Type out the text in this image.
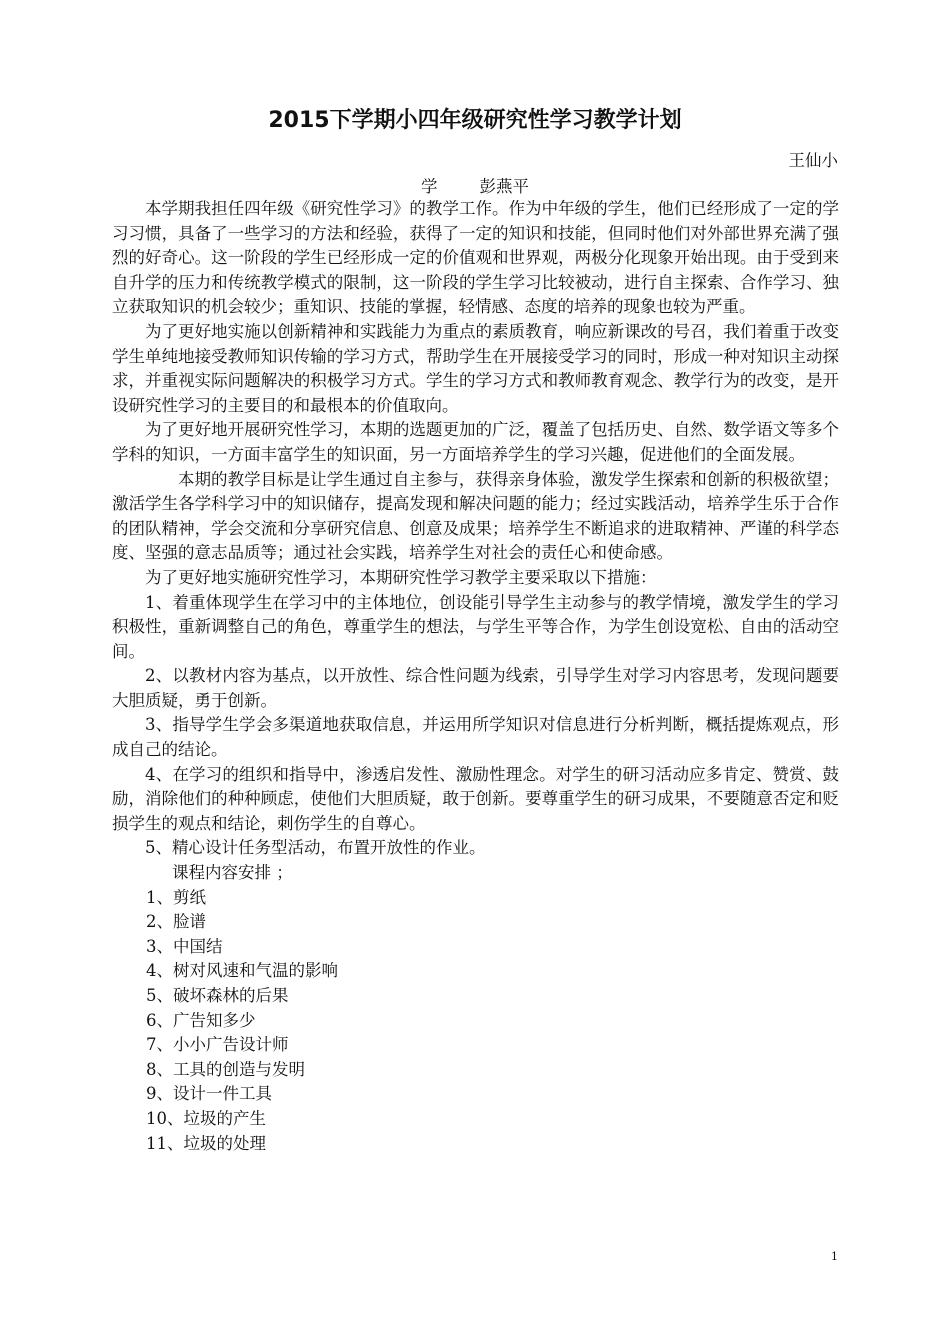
2015下学期小四年级研究性学习教学计划
王仙小
学        彭燕平

本学期我担任四年级《研究性学习》的教学工作。作为中年级的学生，他们已经形成了一定的学习习惯，具备了一些学习的方法和经验，获得了一定的知识和技能，但同时他们对外部世界充满了强烈的好奇心。这一阶段的学生已经形成一定的价值观和世界观，两极分化现象开始出现。由于受到来自升学的压力和传统教学模式的限制，这一阶段的学生学习比较被动，进行自主探索、合作学习、独立获取知识的机会较少；重知识、技能的掌握，轻情感、态度的培养的现象也较为严重。

为了更好地实施以创新精神和实践能力为重点的素质教育，响应新课改的号召，我们着重于改变学生单纯地接受教师知识传输的学习方式，帮助学生在开展接受学习的同时，形成一种对知识主动探求，并重视实际问题解决的积极学习方式。学生的学习方式和教师教育观念、教学行为的改变，是开设研究性学习的主要目的和最根本的价值取向。

为了更好地开展研究性学习，本期的选题更加的广泛，覆盖了包括历史、自然、数学语文等多个学科的知识，一方面丰富学生的知识面，另一方面培养学生的学习兴趣，促进他们的全面发展。

本期的教学目标是让学生通过自主参与，获得亲身体验，激发学生探索和创新的积极欲望；激活学生各学科学习中的知识储存，提高发现和解决问题的能力；经过实践活动，培养学生乐于合作的团队精神，学会交流和分享研究信息、创意及成果；培养学生不断追求的进取精神、严谨的科学态度、坚强的意志品质等；通过社会实践，培养学生对社会的责任心和使命感。

为了更好地实施研究性学习，本期研究性学习教学主要采取以下措施：

1、着重体现学生在学习中的主体地位，创设能引导学生主动参与的教学情境，激发学生的学习积极性，重新调整自己的角色，尊重学生的想法，与学生平等合作，为学生创设宽松、自由的活动空间。

2、以教材内容为基点，以开放性、综合性问题为线索，引导学生对学习内容思考，发现问题要大胆质疑，勇于创新。

3、指导学生学会多渠道地获取信息，并运用所学知识对信息进行分析判断，概括提炼观点，形成自己的结论。

4、在学习的组织和指导中，渗透启发性、激励性理念。对学生的研习活动应多肯定、赞赏、鼓励，消除他们的种种顾虑，使他们大胆质疑，敢于创新。要尊重学生的研习成果，不要随意否定和贬损学生的观点和结论，刺伤学生的自尊心。

5、精心设计任务型活动，布置开放性的作业。

课程内容安排 ；

1、剪纸
2、脸谱
3、中国结
4、树对风速和气温的影响
5、破坏森林的后果
6、广告知多少
7、小小广告设计师
8、工具的创造与发明
9、设计一件工具
10、垃圾的产生
11、垃圾的处理
1
